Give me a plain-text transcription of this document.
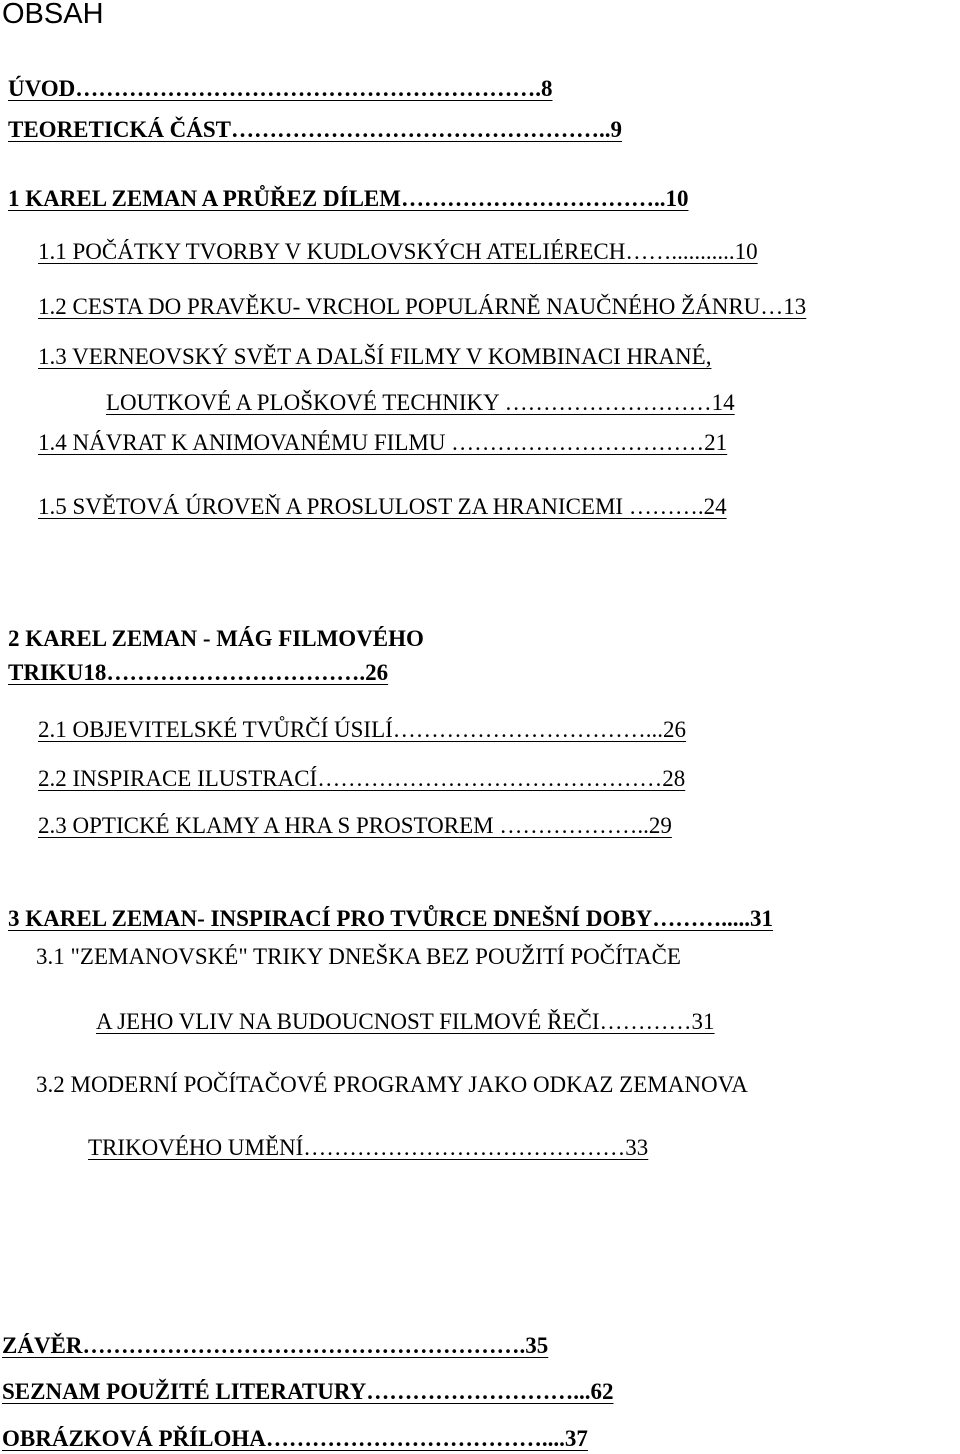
OBSAH
ÚVOD…………………………………………………….8
TEORETICKÁ ČÁST…………………………………………..9
1 KAREL ZEMAN A PRŮŘEZ DÍLEM……………………………..10
1.1 POČÁTKY TVORBY V KUDLOVSKÝCH ATELIÉRECH……...........10
1.2 CESTA DO PRAVĚKU- VRCHOL POPULÁRNĚ NAUČNÉHO ŽÁNRU…13
1.3 VERNEOVSKÝ SVĚT A DALŠÍ FILMY V KOMBINACI HRANÉ,
LOUTKOVÉ A PLOŠKOVÉ TECHNIKY ………………………14
1.4 NÁVRAT K ANIMOVANÉMU FILMU ……………………………21
1.5 SVĚTOVÁ ÚROVEŇ A PROSLULOST ZA HRANICEMI ……….24
2 KAREL ZEMAN - MÁG FILMOVÉHO
TRIKU18…………………………….26
2.1 OBJEVITELSKÉ TVŮRČÍ ÚSILÍ……………………………...26
2.2 INSPIRACE ILUSTRACÍ………………………………………28
2.3 OPTICKÉ KLAMY A HRA S PROSTOREM ………………..29
3 KAREL ZEMAN- INSPIRACÍ PRO TVŮRCE DNEŠNÍ DOBY……….....31
3.1 "ZEMANOVSKÉ" TRIKY DNEŠKA BEZ POUŽITÍ POČÍTAČE
A JEHO VLIV NA BUDOUCNOST FILMOVÉ ŘEČI…………31
3.2 MODERNÍ POČÍTAČOVÉ PROGRAMY JAKO ODKAZ ZEMANOVA
TRIKOVÉHO UMĚNÍ……………………………………33
ZÁVĚR………………………………………………….35
SEZNAM POUŽITÉ LITERATURY………………………...62
OBRÁZKOVÁ PŘÍLOHA………………………………....37
